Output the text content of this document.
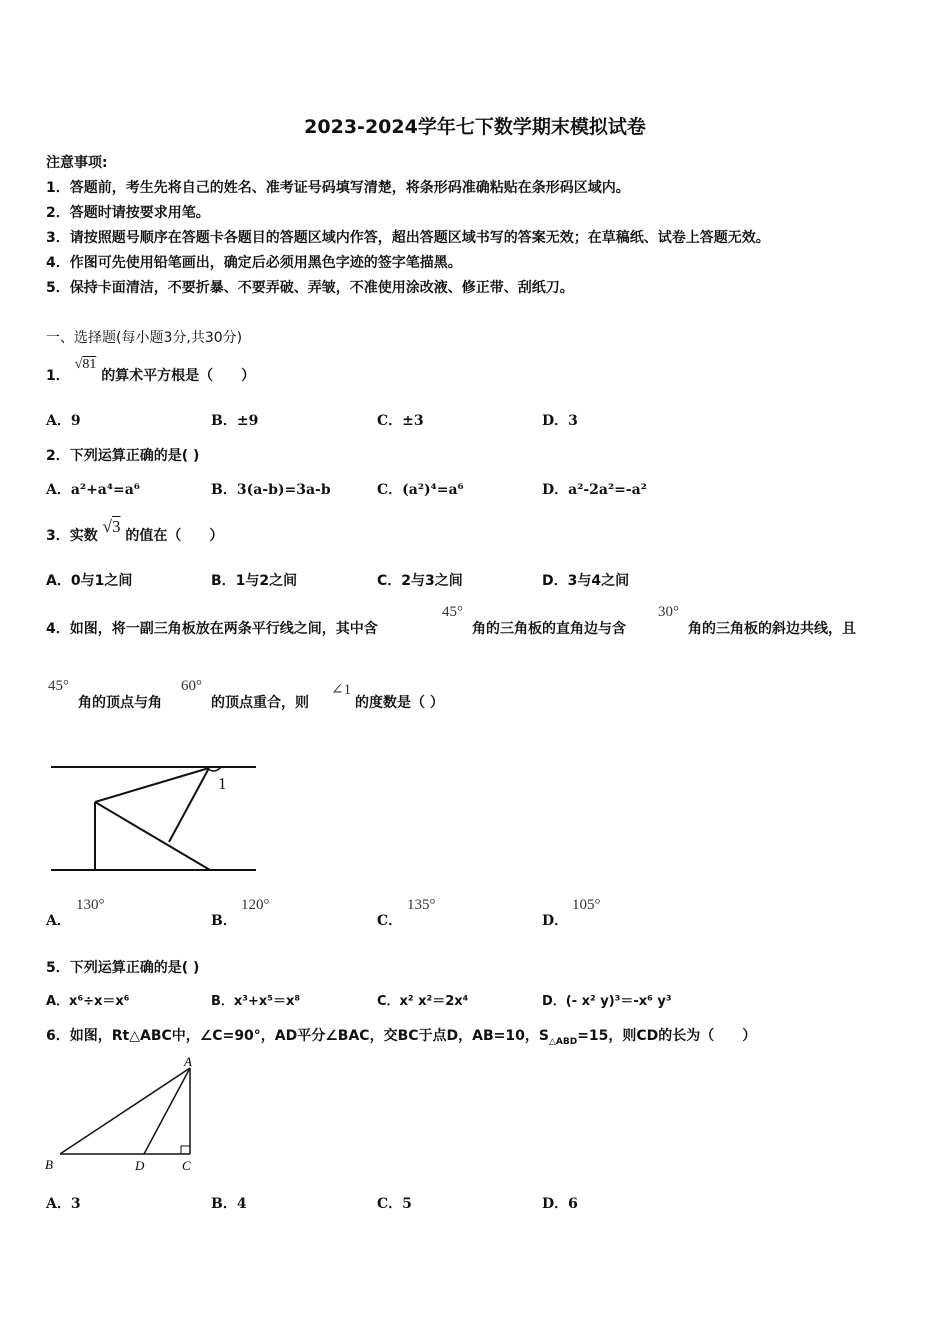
2023-2024学年七下数学期末模拟试卷
注意事项:
1．答题前，考生先将自己的姓名、准考证号码填写清楚，将条形码准确粘贴在条形码区域内。
2．答题时请按要求用笔。
3．请按照题号顺序在答题卡各题目的答题区域内作答，超出答题区域书写的答案无效；在草稿纸、试卷上答题无效。
4．作图可先使用铅笔画出，确定后必须用黑色字迹的签字笔描黑。
5．保持卡面清洁，不要折暴、不要弄破、弄皱，不准使用涂改液、修正带、刮纸刀。
一、选择题(每小题3分,共30分)
1． √81 的算术平方根是（　　）
A．9	B．±9	C．±3	D．3
2．下列运算正确的是( )
A．a²+a⁴=a⁶	B．3(a-b)=3a-b	C．(a²)⁴=a⁶	D．a²-2a²=-a²
3．实数 √3 的值在（　　）
A．0与1之间	B．1与2之间	C．2与3之间	D．3与4之间
4．如图，将一副三角板放在两条平行线之间，其中含
45°
角的三角板的直角边与含
30°
角的三角板的斜边共线，且
45°
角的顶点与角
60°
的顶点重合，则
∠1
的度数是（ ）
1
A．
130°
B．
120°
C．
135°
D．
105°
5．下列运算正确的是( )
A．x⁶÷x＝x⁶	B．x³+x⁵＝x⁸	C．x² x²＝2x⁴	D．(- x² y)³＝-x⁶ y³
6．如图，Rt△ABC中，∠C=90°，AD平分∠BAC，交BC于点D，AB=10，$S_{\triangle ABD}=15$，则CD的长为（　　）
A
B	D	C
A．3	B．4	C．5	D．6
